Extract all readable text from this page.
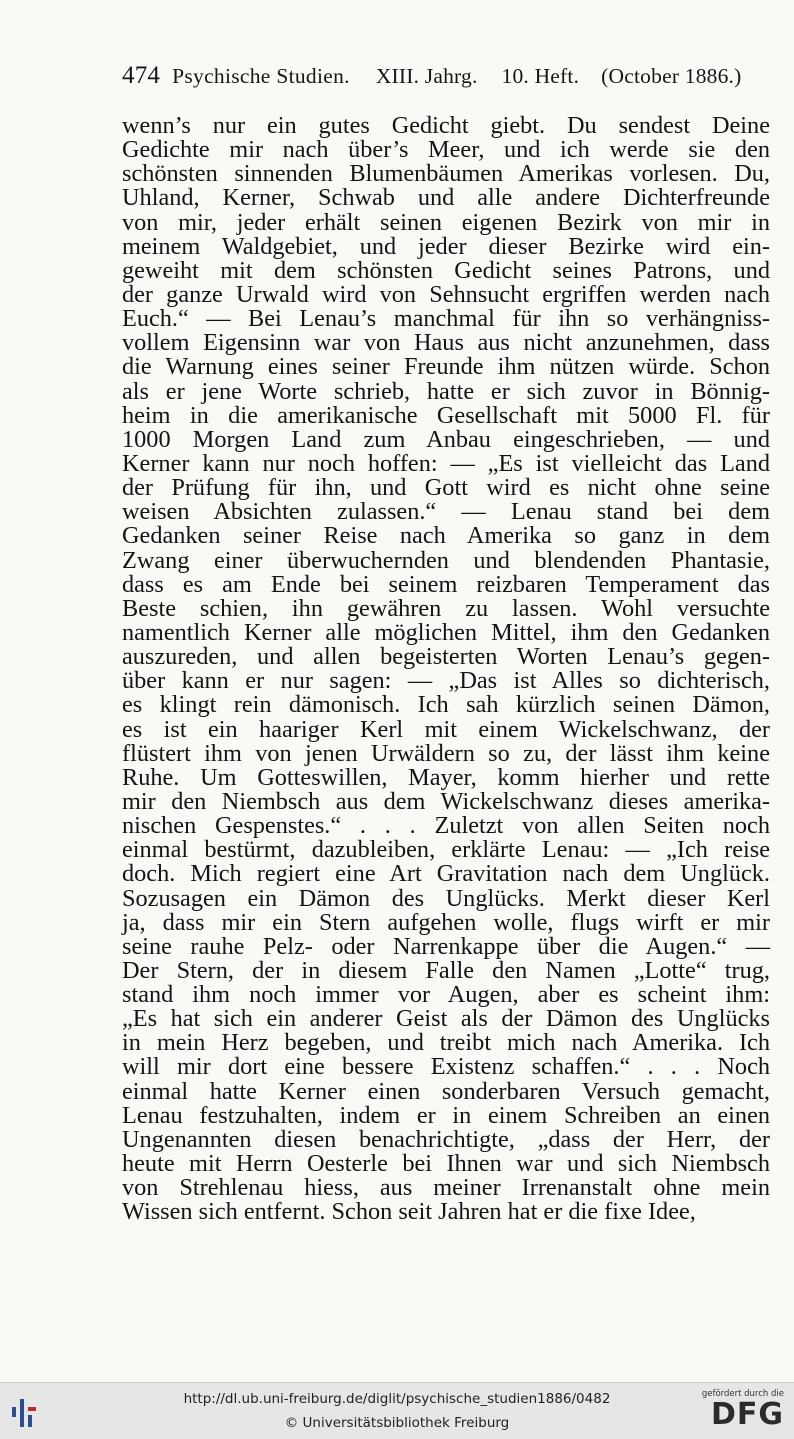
474 Psychische Studien. XIII. Jahrg. 10. Heft. (October 1886.)
wenn’s nur ein gutes Gedicht giebt. Du sendest Deine
Gedichte mir nach über’s Meer, und ich werde sie den
schönsten sinnenden Blumenbäumen Amerikas vorlesen. Du,
Uhland, Kerner, Schwab und alle andere Dichterfreunde
von mir, jeder erhält seinen eigenen Bezirk von mir in
meinem Waldgebiet, und jeder dieser Bezirke wird ein-
geweiht mit dem schönsten Gedicht seines Patrons, und
der ganze Urwald wird von Sehnsucht ergriffen werden nach
Euch.“ — Bei Lenau’s manchmal für ihn so verhängniss-
vollem Eigensinn war von Haus aus nicht anzunehmen, dass
die Warnung eines seiner Freunde ihm nützen würde. Schon
als er jene Worte schrieb, hatte er sich zuvor in Bönnig-
heim in die amerikanische Gesellschaft mit 5000 Fl. für
1000 Morgen Land zum Anbau eingeschrieben, — und
Kerner kann nur noch hoffen: — „Es ist vielleicht das Land
der Prüfung für ihn, und Gott wird es nicht ohne seine
weisen Absichten zulassen.“ — Lenau stand bei dem
Gedanken seiner Reise nach Amerika so ganz in dem
Zwang einer überwuchernden und blendenden Phantasie,
dass es am Ende bei seinem reizbaren Temperament das
Beste schien, ihn gewähren zu lassen. Wohl versuchte
namentlich Kerner alle möglichen Mittel, ihm den Gedanken
auszureden, und allen begeisterten Worten Lenau’s gegen-
über kann er nur sagen: — „Das ist Alles so dichterisch,
es klingt rein dämonisch. Ich sah kürzlich seinen Dämon,
es ist ein haariger Kerl mit einem Wickelschwanz, der
flüstert ihm von jenen Urwäldern so zu, der lässt ihm keine
Ruhe. Um Gotteswillen, Mayer, komm hierher und rette
mir den Niembsch aus dem Wickelschwanz dieses amerika-
nischen Gespenstes.“ . . . Zuletzt von allen Seiten noch
einmal bestürmt, dazubleiben, erklärte Lenau: — „Ich reise
doch. Mich regiert eine Art Gravitation nach dem Unglück.
Sozusagen ein Dämon des Unglücks. Merkt dieser Kerl
ja, dass mir ein Stern aufgehen wolle, flugs wirft er mir
seine rauhe Pelz- oder Narrenkappe über die Augen.“ —
Der Stern, der in diesem Falle den Namen „Lotte“ trug,
stand ihm noch immer vor Augen, aber es scheint ihm:
„Es hat sich ein anderer Geist als der Dämon des Unglücks
in mein Herz begeben, und treibt mich nach Amerika. Ich
will mir dort eine bessere Existenz schaffen.“ . . . Noch
einmal hatte Kerner einen sonderbaren Versuch gemacht,
Lenau festzuhalten, indem er in einem Schreiben an einen
Ungenannten diesen benachrichtigte, „dass der Herr, der
heute mit Herrn Oesterle bei Ihnen war und sich Niembsch
von Strehlenau hiess, aus meiner Irrenanstalt ohne mein
Wissen sich entfernt. Schon seit Jahren hat er die fixe Idee,
http://dl.ub.uni-freiburg.de/diglit/psychische_studien1886/0482
© Universitätsbibliothek Freiburg
gefördert durch die
DFG
